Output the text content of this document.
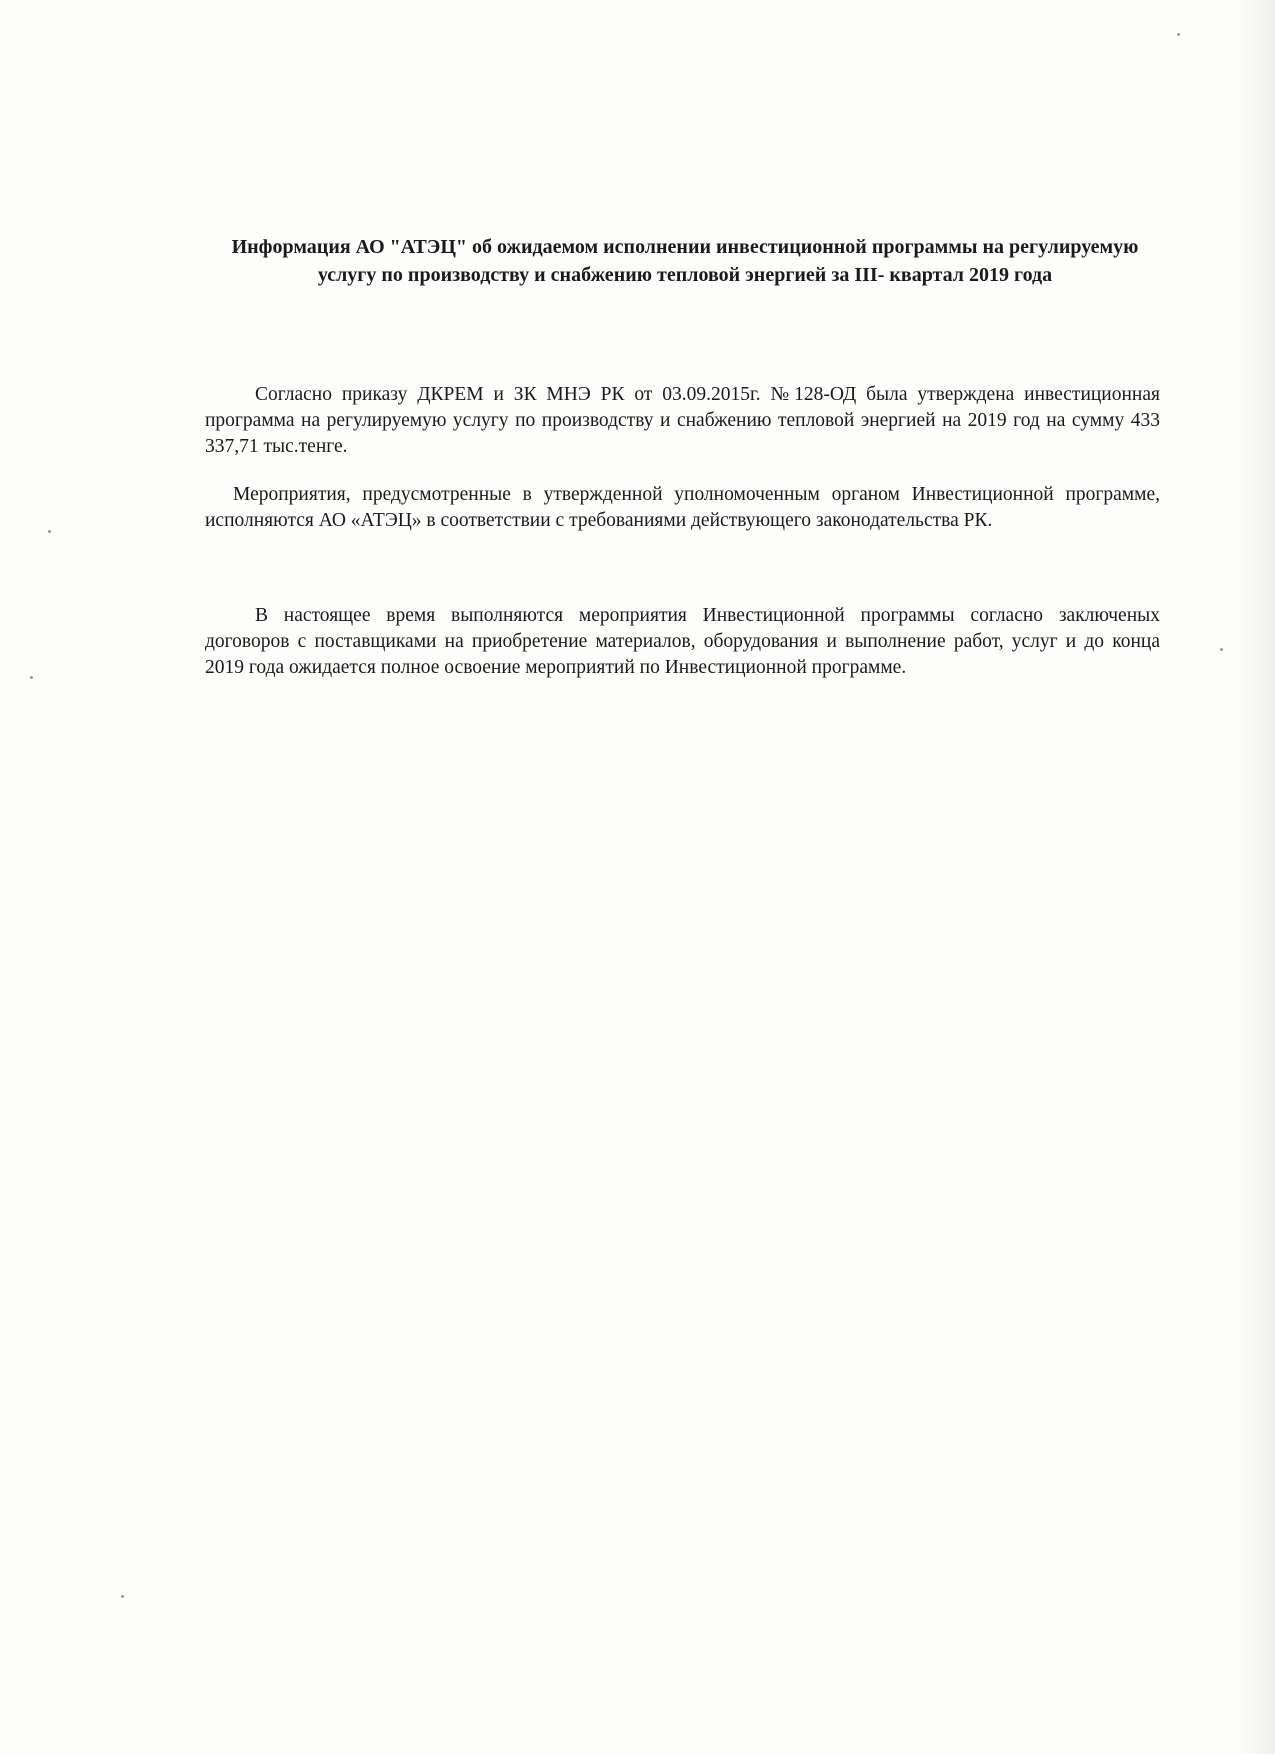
Информация АО "АТЭЦ" об ожидаемом исполнении инвестиционной программы на регулируемую услугу по производству и снабжению тепловой энергией за III- квартал 2019 года

Согласно приказу ДКРЕМ и ЗК МНЭ РК от 03.09.2015г. №128-ОД была утверждена инвестиционная программа на регулируемую услугу по производству и снабжению тепловой энергией на 2019 год на сумму 433 337,71 тыс.тенге.

Мероприятия, предусмотренные в утвержденной уполномоченным органом Инвестиционной программе, исполняются АО «АТЭЦ» в соответствии с требованиями действующего законодательства РК.

В настоящее время выполняются мероприятия Инвестиционной программы согласно заключеных договоров с поставщиками на приобретение материалов, оборудования и выполнение работ, услуг и до конца 2019 года ожидается полное освоение мероприятий по Инвестиционной программе.
